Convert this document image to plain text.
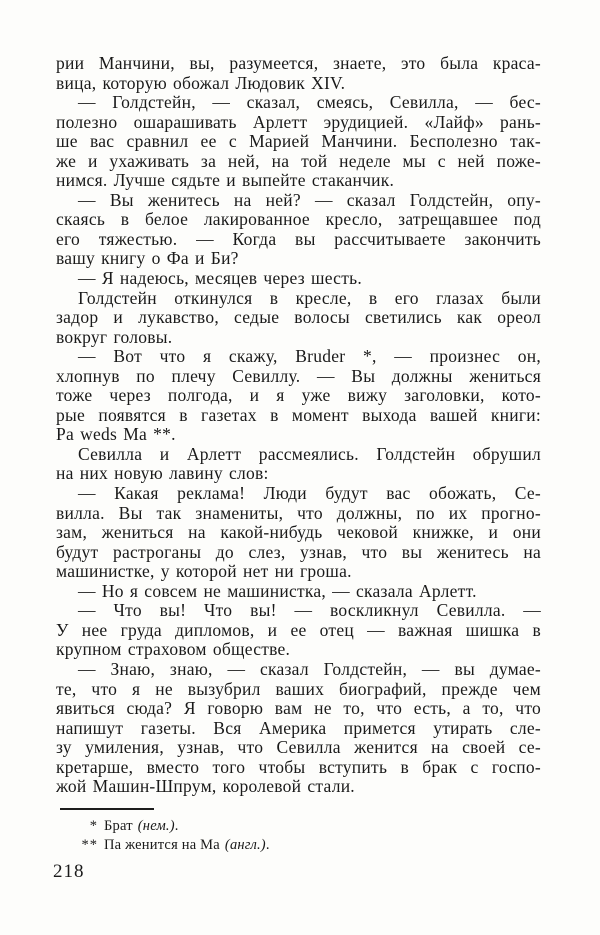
рии Манчини, вы, разумеется, знаете, это была краса-
вица, которую обожал Людовик XIV.
— Голдстейн, — сказал, смеясь, Севилла, — бес-
полезно ошарашивать Арлетт эрудицией. «Лайф» рань-
ше вас сравнил ее с Марией Манчини. Бесполезно так-
же и ухаживать за ней, на той неделе мы с ней поже-
нимся. Лучше сядьте и выпейте стаканчик.
— Вы женитесь на ней? — сказал Голдстейн, опу-
скаясь в белое лакированное кресло, затрещавшее под
его тяжестью. — Когда вы рассчитываете закончить
вашу книгу о Фа и Би?
— Я надеюсь, месяцев через шесть.
Голдстейн откинулся в кресле, в его глазах были
задор и лукавство, седые волосы светились как ореол
вокруг головы.
— Вот что я скажу, Bruder *, — произнес он,
хлопнув по плечу Севиллу. — Вы должны жениться
тоже через полгода, и я уже вижу заголовки, кото-
рые появятся в газетах в момент выхода вашей книги:
Pa weds Ma **.
Севилла и Арлетт рассмеялись. Голдстейн обрушил
на них новую лавину слов:
— Какая реклама! Люди будут вас обожать, Се-
вилла. Вы так знамениты, что должны, по их прогно-
зам, жениться на какой-нибудь чековой книжке, и они
будут растроганы до слез, узнав, что вы женитесь на
машинистке, у которой нет ни гроша.
— Но я совсем не машинистка, — сказала Арлетт.
— Что вы! Что вы! — воскликнул Севилла. —
У нее груда дипломов, и ее отец — важная шишка в
крупном страховом обществе.
— Знаю, знаю, — сказал Голдстейн, — вы думае-
те, что я не вызубрил ваших биографий, прежде чем
явиться сюда? Я говорю вам не то, что есть, а то, что
напишут газеты. Вся Америка примется утирать сле-
зу умиления, узнав, что Севилла женится на своей се-
кретарше, вместо того чтобы вступить в брак с госпо-
жой Машин-Шпрум, королевой стали.
* Брат (нем.).
** Па женится на Ма (англ.).
218
